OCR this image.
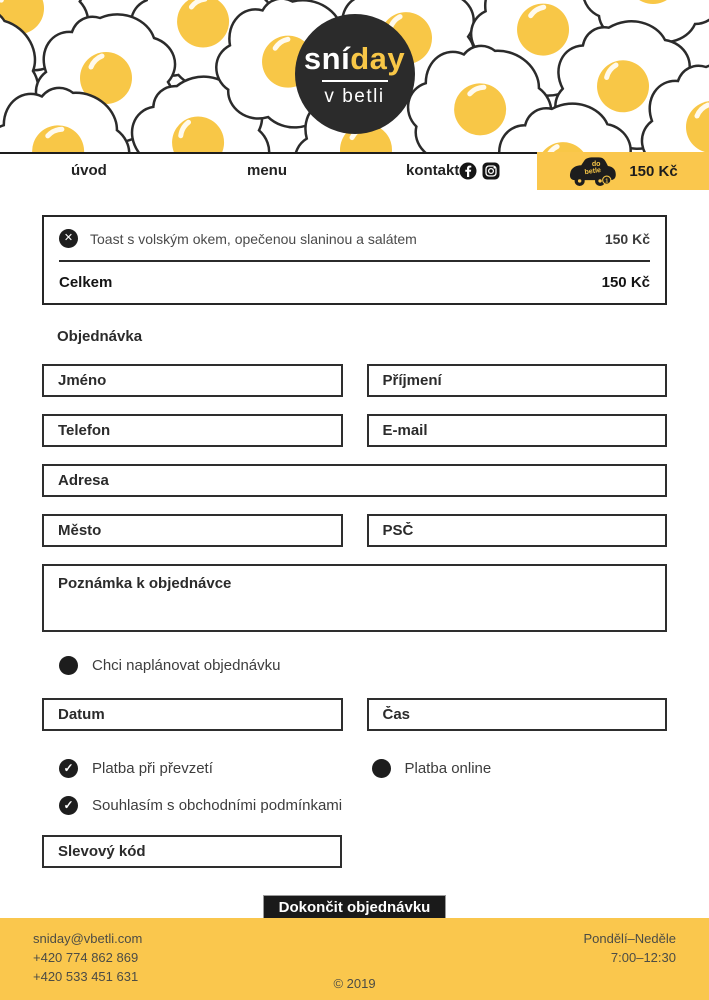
sníday
v betli
úvod	menu	kontakt	do
betle
1
150 Kč
✕	Toast s volským okem, opečenou slaninou a salátem	150 Kč
Celkem	150 Kč
Objednávka
Jméno
Příjmení
Telefon
E-mail
Adresa
Město
PSČ
Poznámka k objednávce
Chci naplánovat objednávku
Datum
Čas
✓ Platba při převzetí	Platba online
✓ Souhlasím s obchodními podmínkami
Slevový kód
Dokončit objednávku
sniday@vbetli.com
+420 774 862 869
+420 533 451 631
Pondělí–Neděle
7:00–12:30
© 2019
